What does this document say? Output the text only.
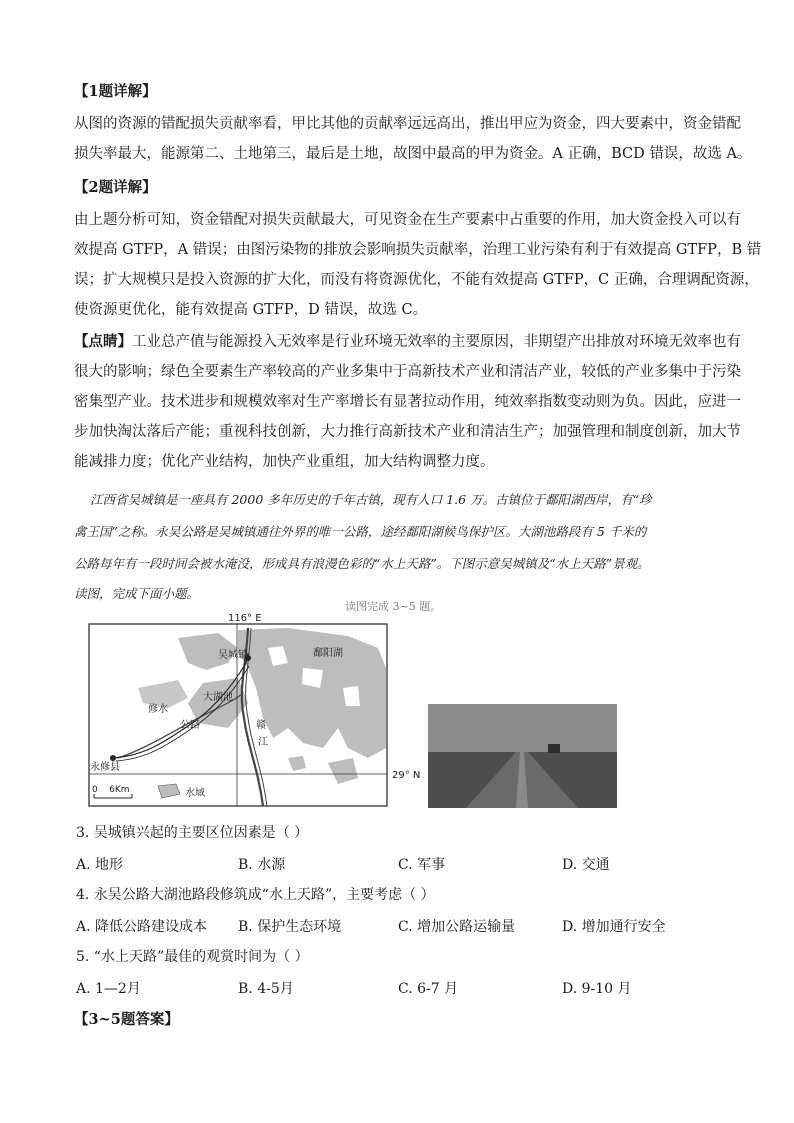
【1题详解】
从图的资源的错配损失贡献率看，甲比其他的贡献率远远高出，推出甲应为资金，四大要素中，资金错配
损失率最大，能源第二、土地第三，最后是土地，故图中最高的甲为资金。A 正确，BCD 错误，故选 A。
【2题详解】
由上题分析可知，资金错配对损失贡献最大，可见资金在生产要素中占重要的作用，加大资金投入可以有
效提高 GTFP，A 错误；由图污染物的排放会影响损失贡献率，治理工业污染有利于有效提高 GTFP，B 错
误；扩大规模只是投入资源的扩大化，而没有将资源优化，不能有效提高 GTFP，C 正确，合理调配资源，
使资源更优化，能有效提高 GTFP，D 错误，故选 C。
【点睛】工业总产值与能源投入无效率是行业环境无效率的主要原因，非期望产出排放对环境无效率也有
很大的影响；绿色全要素生产率较高的产业多集中于高新技术产业和清洁产业，较低的产业多集中于污染
密集型产业。技术进步和规模效率对生产率增长有显著拉动作用，纯效率指数变动则为负。因此，应进一
步加快淘汰落后产能；重视科技创新，大力推行高新技术产业和清洁生产；加强管理和制度创新，加大节
能减排力度；优化产业结构，加快产业重组，加大结构调整力度。
江西省吴城镇是一座具有 2000 多年历史的千年古镇，现有人口 1.6 万。古镇位于鄱阳湖西岸，有“珍
禽王国”之称。永吴公路是吴城镇通往外界的唯一公路，途经鄱阳湖候鸟保护区。大湖池路段有 5 千米的
公路每年有一段时间会被水淹没，形成具有浪漫色彩的“水上天路”。下图示意吴城镇及“水上天路”景观。
读图，完成下面小题。
读图完成 3~5 题。
116° E
吴城镇
大湖池
修水
公路
鄱阳湖
赣
江
永修县
0    6Km	水域
29° N
3. 吴城镇兴起的主要区位因素是（ ）
A. 地形	B. 水源	C. 军事	D. 交通
4. 永吴公路大湖池路段修筑成“水上天路”，主要考虑（ ）
A. 降低公路建设成本 B. 保护生态环境	C. 增加公路运输量	D. 增加通行安全
5. “水上天路”最佳的观赏时间为（ ）
A. 1—2月	B. 4-5月	C. 6-7 月	D. 9-10 月
【3~5题答案】
